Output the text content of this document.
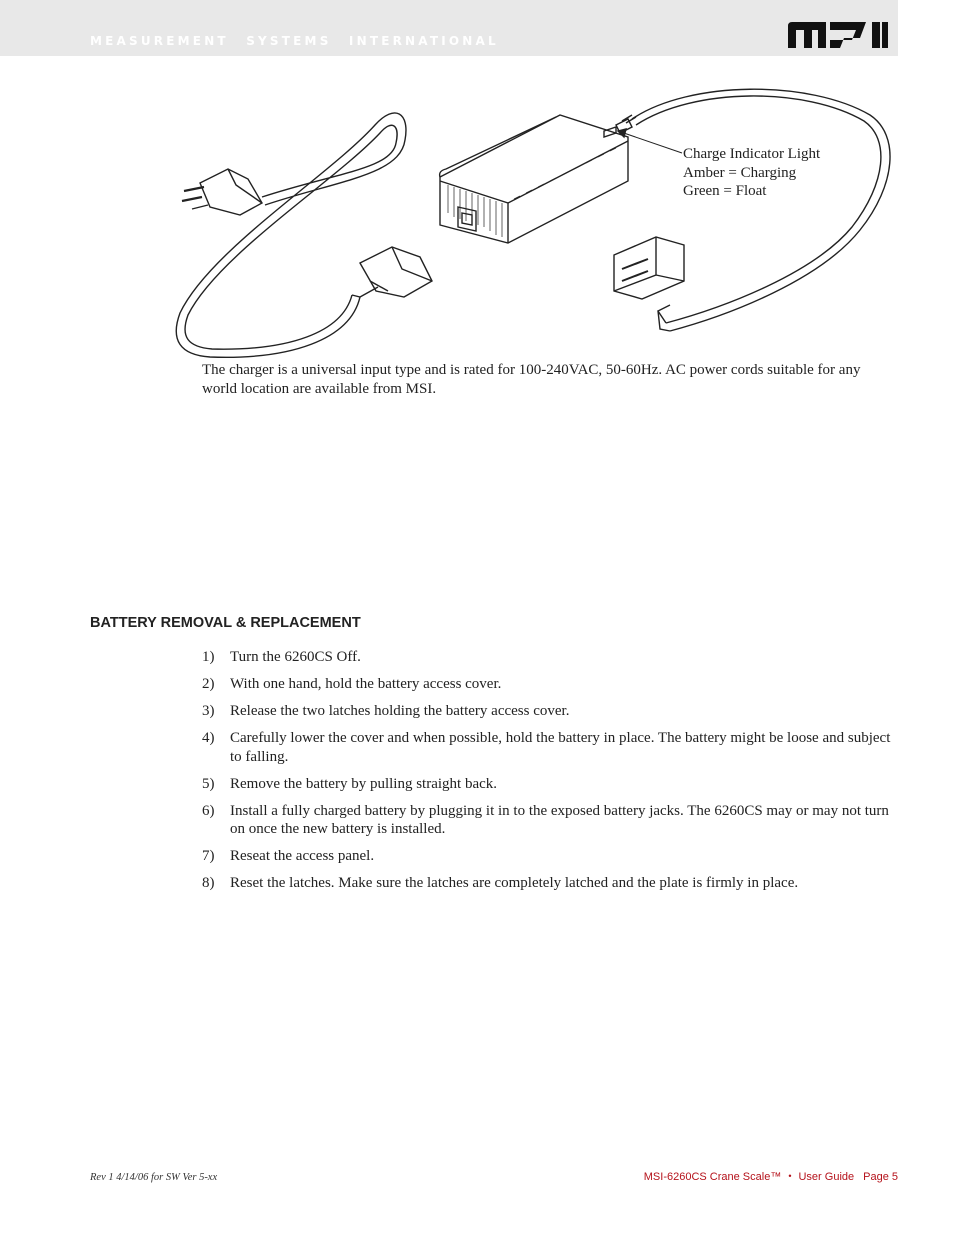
MEASUREMENT SYSTEMS INTERNATIONAL
Charge Indicator Light
Amber = Charging
Green = Float

The charger is a universal input type and is rated for 100-240VAC, 50-60Hz. AC power cords suitable for any world location are available from MSI.

BATTERY REMOVAL & REPLACEMENT
1)	Turn the 6260CS Off.
2)	With one hand, hold the battery access cover.
3)	Release the two latches holding the battery access cover.
4)	Carefully lower the cover and when possible, hold the battery in place. The battery might be loose and subject to falling.
5)	Remove the battery by pulling straight back.
6)	Install a fully charged battery by plugging it in to the exposed battery jacks. The 6260CS may or may not turn on once the new battery is installed.
7)	Reseat the access panel.
8)	Reset the latches. Make sure the latches are completely latched and the plate is firmly in place.
Rev 1 4/14/06 for SW Ver 5-xx	MSI-6260CS Crane Scale™ • User Guide Page 5
